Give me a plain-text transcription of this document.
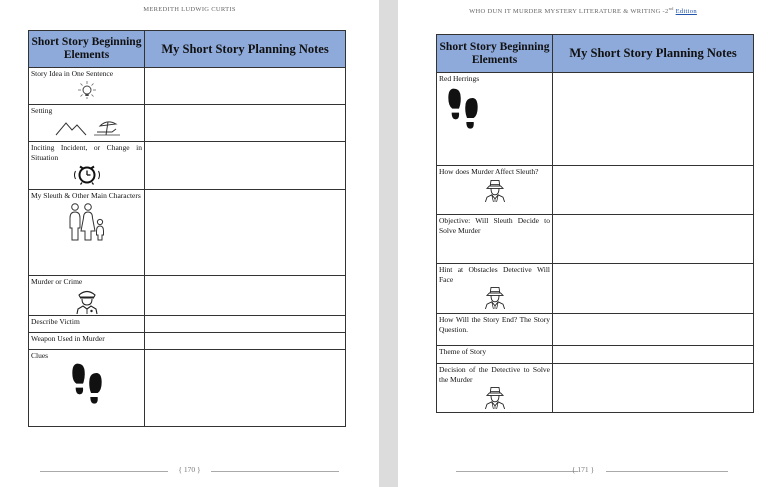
MEREDITH LUDWIG CURTIS
Short Story Beginning Elements	My Short Story Planning Notes

Story Idea in One Sentence	

Setting	

Inciting Incident, or Change in Situation	

My Sleuth & Other Main Characters	

Murder or Crime	

Describe Victim	
Weapon Used in Murder	

Clues	

{ 170 }
WHO DUN IT MURDER MYSTERY LITERATURE & WRITING -2nd Edition
Short Story Beginning Elements	My Short Story Planning Notes

Red Herrings	

How does Murder Affect Sleuth?	

Objective: Will Sleuth Decide to Solve Murder	

Hint at Obstacles Detective Will Face	

How Will the Story End? The Story Question.	
Theme of Story	

Decision of the Detective to Solve the Murder	

{ 171 }
